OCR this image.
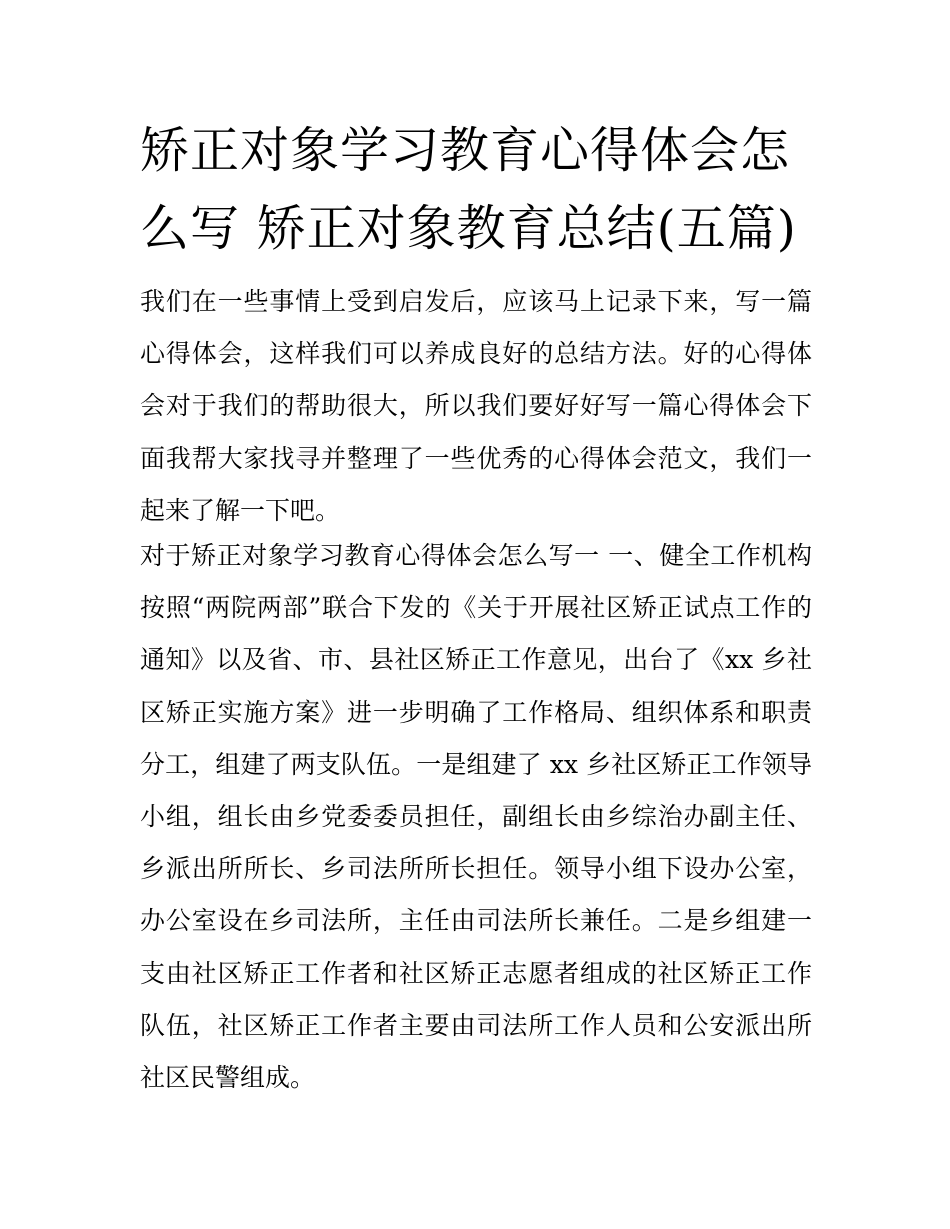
矫正对象学习教育心得体会怎么写 矫正对象教育总结(五篇)

我们在一些事情上受到启发后，应该马上记录下来，写一篇心得体会，这样我们可以养成良好的总结方法。好的心得体会对于我们的帮助很大，所以我们要好好写一篇心得体会下面我帮大家找寻并整理了一些优秀的心得体会范文，我们一起来了解一下吧。

对于矫正对象学习教育心得体会怎么写一 一、健全工作机构 按照“两院两部”联合下发的《关于开展社区矫正试点工作的通知》以及省、市、县社区矫正工作意见，出台了《xx 乡社区矫正实施方案》进一步明确了工作格局、组织体系和职责分工，组建了两支队伍。一是组建了 xx 乡社区矫正工作领导小组，组长由乡党委委员担任，副组长由乡综治办副主任、乡派出所所长、乡司法所所长担任。领导小组下设办公室，办公室设在乡司法所，主任由司法所长兼任。二是乡组建一支由社区矫正工作者和社区矫正志愿者组成的社区矫正工作队伍，社区矫正工作者主要由司法所工作人员和公安派出所社区民警组成。
